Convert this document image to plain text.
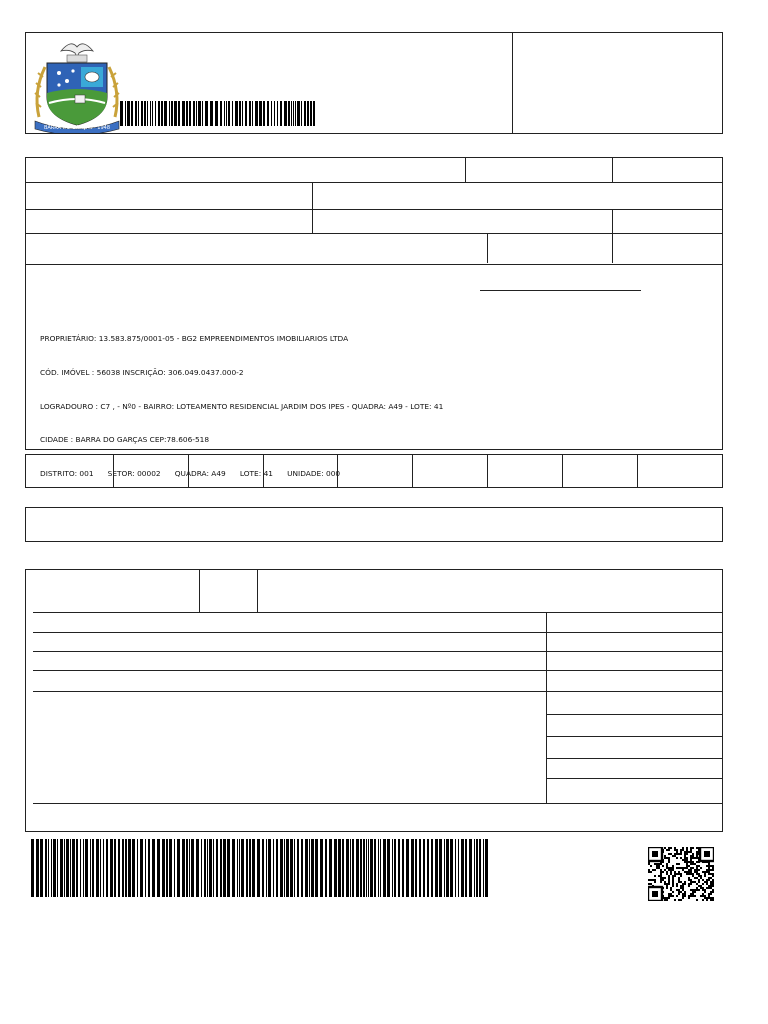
BARRA DO GARÇAS · 1948

PROPRIETÁRIO: 13.583.875/0001-05 - BG2 EMPREENDIMENTOS IMOBILIARIOS LTDA

CÓD. IMÓVEL : 56038 INSCRIÇÃO: 306.049.0437.000-2

LOGRADOURO : C7 , - Nº0 - BAIRRO: LOTEAMENTO RESIDENCIAL JARDIM DOS IPES - QUADRA: A49 - LOTE: 41

CIDADE : BARRA DO GARÇAS CEP:78.606-518

DISTRITO: 001 SETOR: 00002 QUADRA: A49 LOTE: 41 UNIDADE: 000
